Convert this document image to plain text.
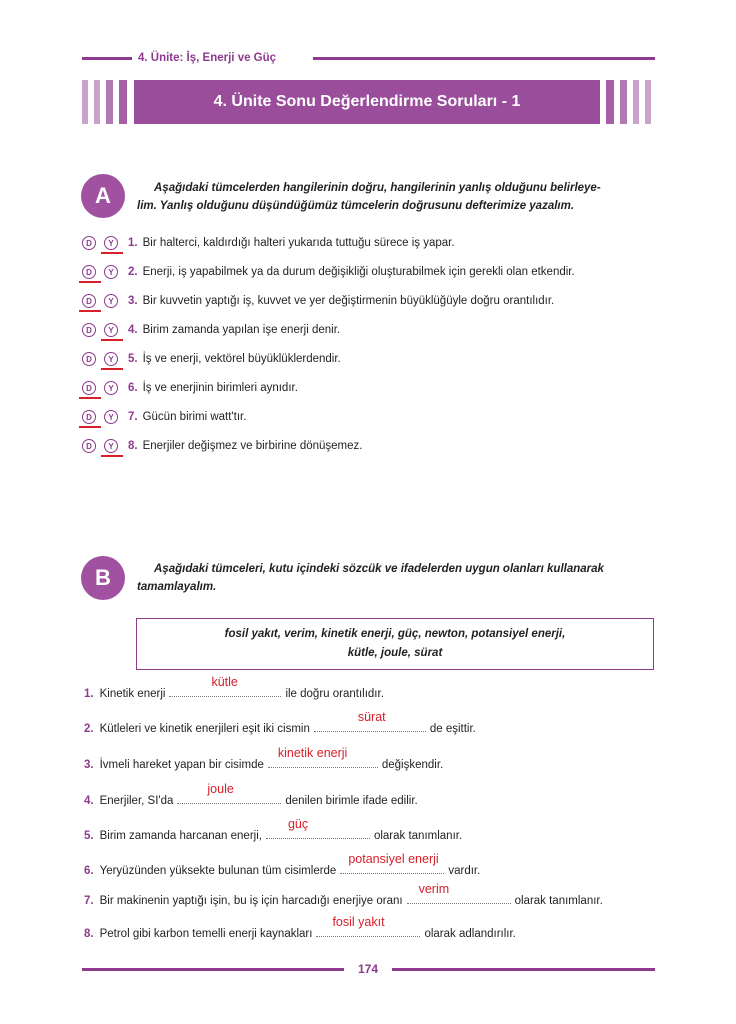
4. Ünite: İş, Enerji ve Güç
4. Ünite Sonu Değerlendirme Soruları - 1
A	Aşağıdaki tümcelerden hangilerinin doğru, hangilerinin yanlış olduğunu belirleye-
lim. Yanlış olduğunu düşündüğümüz tümcelerin doğrusunu defterimize yazalım.
D	Y	1. Bir halterci, kaldırdığı halteri yukarıda tuttuğu sürece iş yapar.
D	Y	2. Enerji, iş yapabilmek ya da durum değişikliği oluşturabilmek için gerekli olan etkendir.
D	Y	3. Bir kuvvetin yaptığı iş, kuvvet ve yer değiştirmenin büyüklüğüyle doğru orantılıdır.
D	Y	4. Birim zamanda yapılan işe enerji denir.
D	Y	5. İş ve enerji, vektörel büyüklüklerdendir.
D	Y	6. İş ve enerjinin birimleri aynıdır.
D	Y	7. Gücün birimi watt'tır.
D	Y	8. Enerjiler değişmez ve birbirine dönüşemez.
B	Aşağıdaki tümceleri, kutu içindeki sözcük ve ifadelerden uygun olanları kullanarak
tamamlayalım.
fosil yakıt, verim, kinetik enerji, güç, newton, potansiyel enerji,
kütle, joule, sürat
1. Kinetik enerji
kütle
ile doğru orantılıdır.
2. Kütleleri ve kinetik enerjileri eşit iki cismin
sürat
de eşittir.
3. İvmeli hareket yapan bir cisimde
kinetik enerji
değişkendir.
4. Enerjiler, SI'da
joule
denilen birimle ifade edilir.
5. Birim zamanda harcanan enerji,
güç
olarak tanımlanır.
6. Yeryüzünden yüksekte bulunan tüm cisimlerde
potansiyel enerji
vardır.
7. Bir makinenin yaptığı işin, bu iş için harcadığı enerjiye oranı
verim
olarak tanımlanır.
8. Petrol gibi karbon temelli enerji kaynakları
fosil yakıt
olarak adlandırılır.
174
